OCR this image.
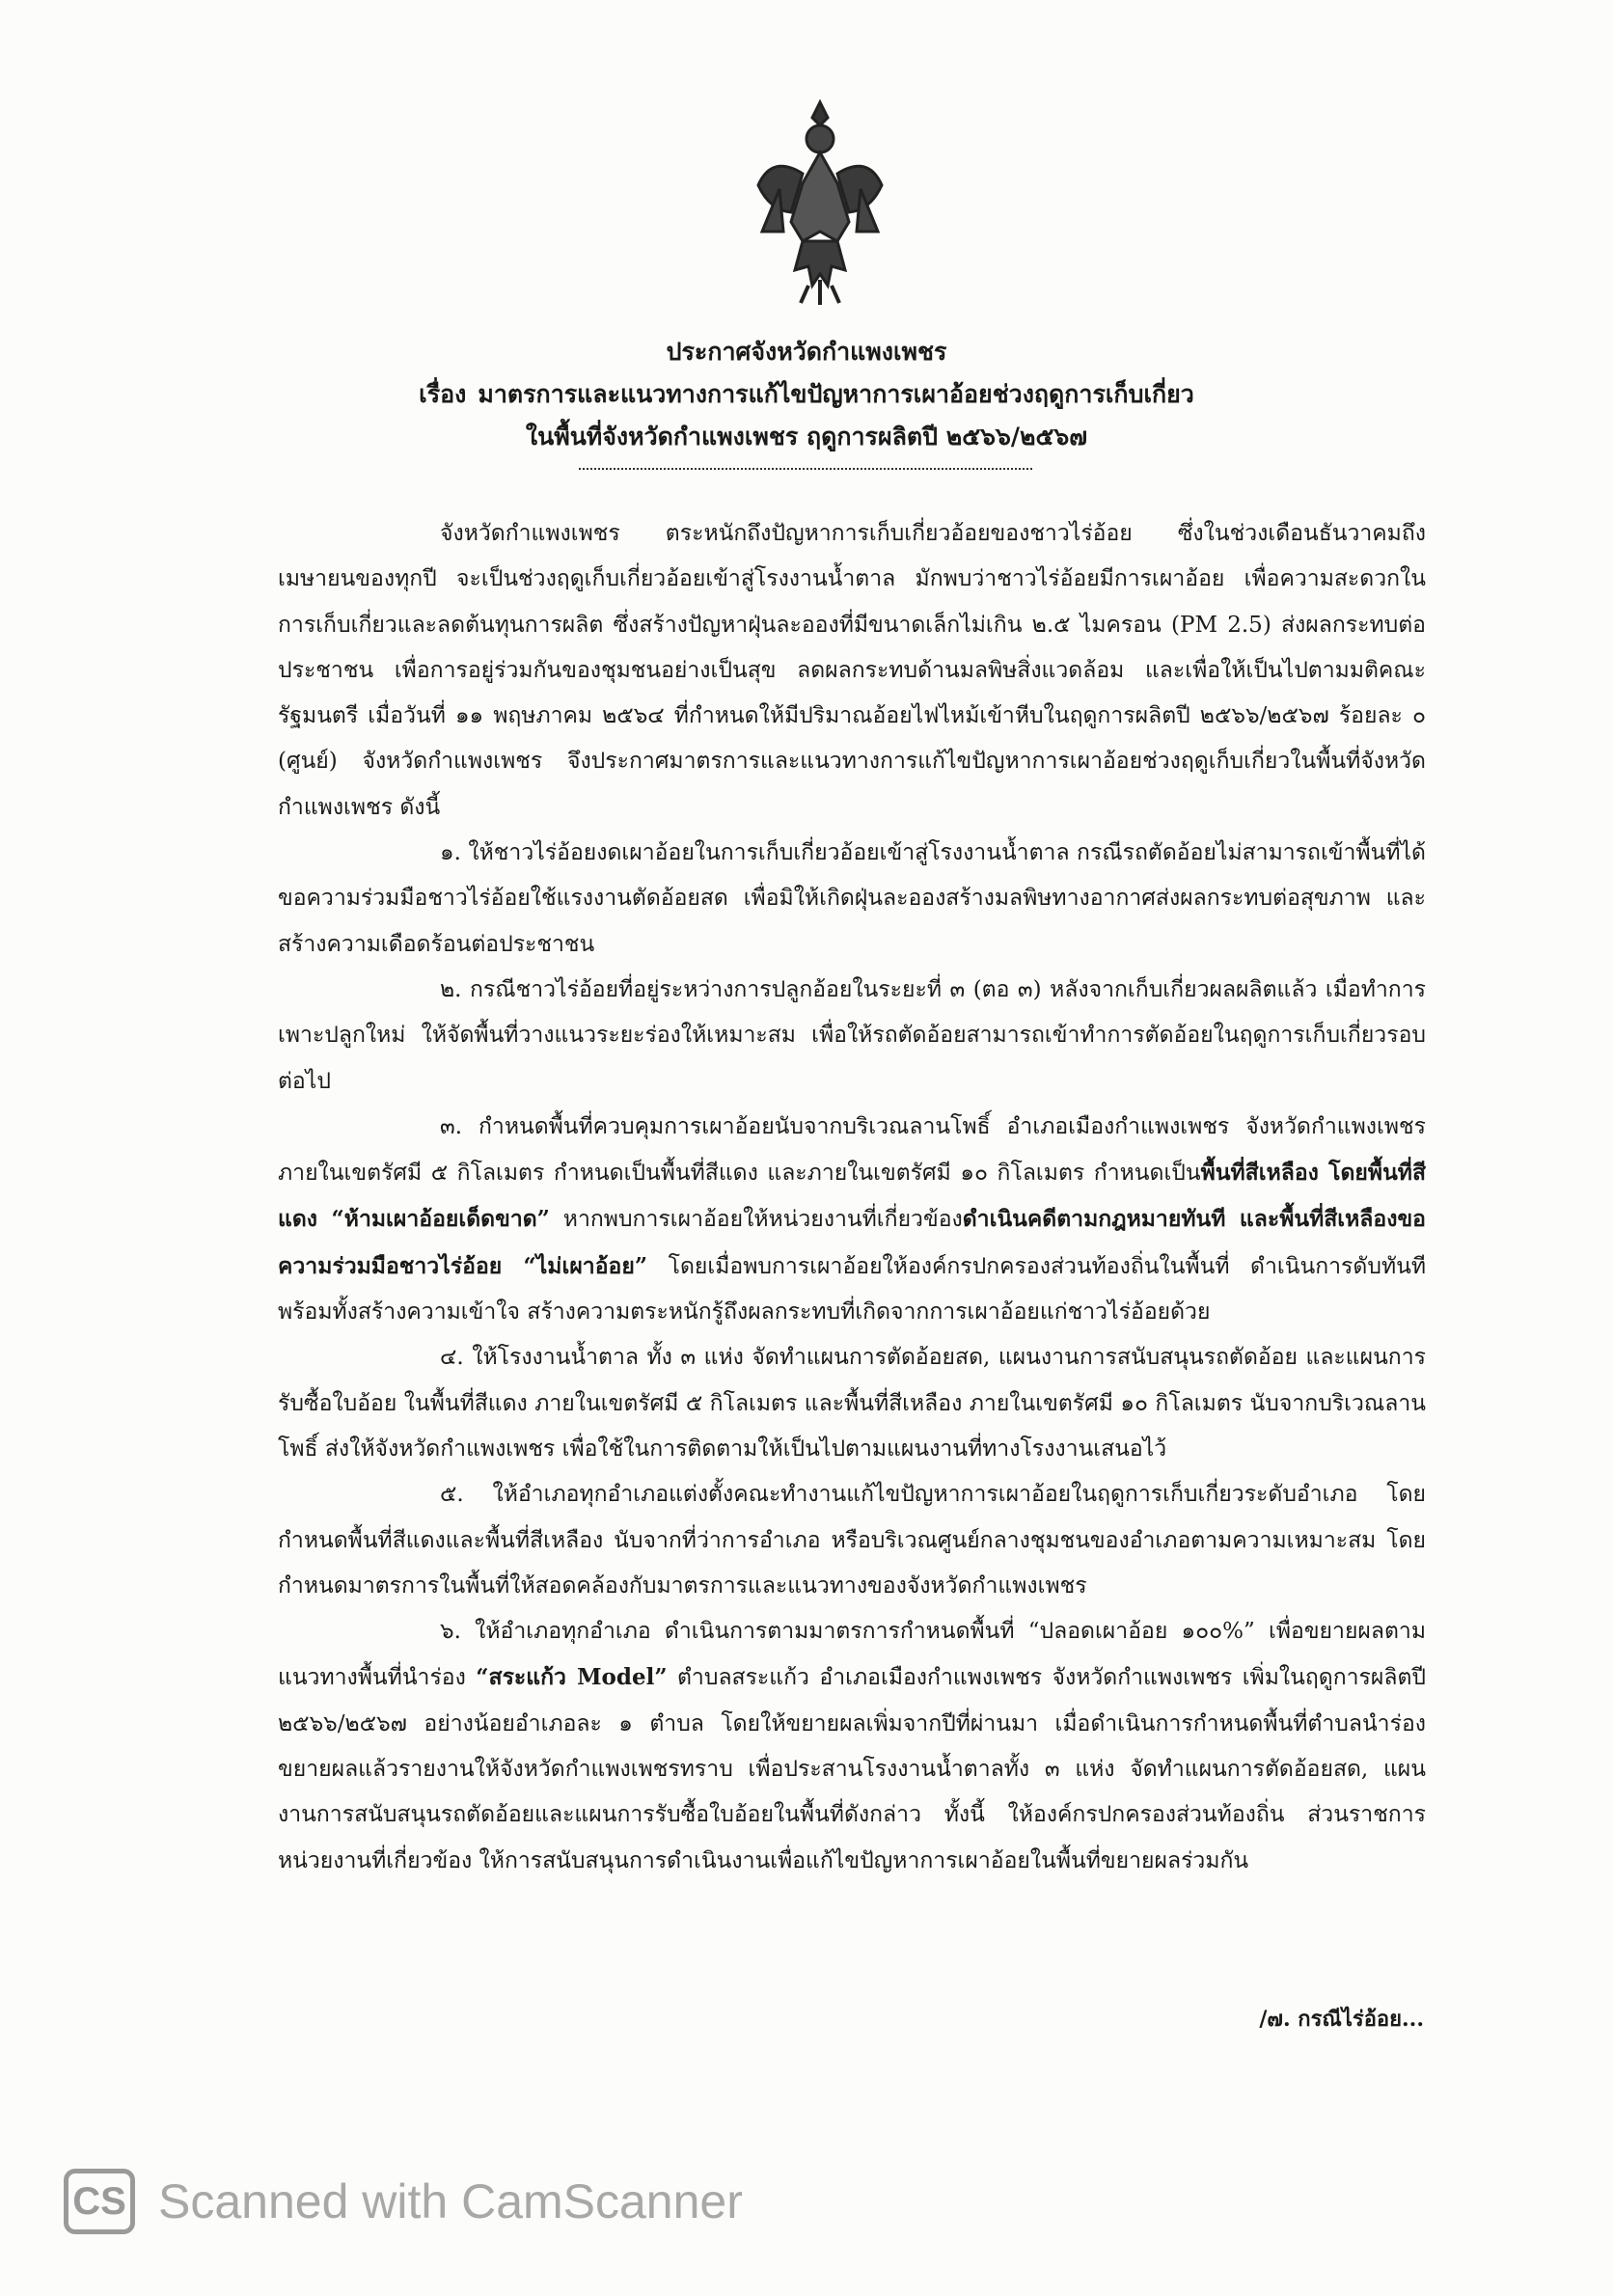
ประกาศจังหวัดกำแพงเพชร
เรื่อง มาตรการและแนวทางการแก้ไขปัญหาการเผาอ้อยช่วงฤดูการเก็บเกี่ยว
ในพื้นที่จังหวัดกำแพงเพชร ฤดูการผลิตปี ๒๕๖๖/๒๕๖๗

จังหวัดกำแพงเพชร ตระหนักถึงปัญหาการเก็บเกี่ยวอ้อยของชาวไร่อ้อย ซึ่งในช่วงเดือนธันวาคมถึงเมษายนของทุกปี จะเป็นช่วงฤดูเก็บเกี่ยวอ้อยเข้าสู่โรงงานน้ำตาล มักพบว่าชาวไร่อ้อยมีการเผาอ้อย เพื่อความสะดวกในการเก็บเกี่ยวและลดต้นทุนการผลิต ซึ่งสร้างปัญหาฝุ่นละอองที่มีขนาดเล็กไม่เกิน ๒.๕ ไมครอน (PM 2.5) ส่งผลกระทบต่อประชาชน เพื่อการอยู่ร่วมกันของชุมชนอย่างเป็นสุข ลดผลกระทบด้านมลพิษสิ่งแวดล้อม และเพื่อให้เป็นไปตามมติคณะรัฐมนตรี เมื่อวันที่ ๑๑ พฤษภาคม ๒๕๖๔ ที่กำหนดให้มีปริมาณอ้อยไฟไหม้เข้าหีบในฤดูการผลิตปี ๒๕๖๖/๒๕๖๗ ร้อยละ ๐ (ศูนย์) จังหวัดกำแพงเพชร จึงประกาศมาตรการและแนวทางการแก้ไขปัญหาการเผาอ้อยช่วงฤดูเก็บเกี่ยวในพื้นที่จังหวัดกำแพงเพชร ดังนี้

๑. ให้ชาวไร่อ้อยงดเผาอ้อยในการเก็บเกี่ยวอ้อยเข้าสู่โรงงานน้ำตาล กรณีรถตัดอ้อยไม่สามารถเข้าพื้นที่ได้ ขอความร่วมมือชาวไร่อ้อยใช้แรงงานตัดอ้อยสด เพื่อมิให้เกิดฝุ่นละอองสร้างมลพิษทางอากาศส่งผลกระทบต่อสุขภาพ และสร้างความเดือดร้อนต่อประชาชน

๒. กรณีชาวไร่อ้อยที่อยู่ระหว่างการปลูกอ้อยในระยะที่ ๓ (ตอ ๓) หลังจากเก็บเกี่ยวผลผลิตแล้ว เมื่อทำการเพาะปลูกใหม่ ให้จัดพื้นที่วางแนวระยะร่องให้เหมาะสม เพื่อให้รถตัดอ้อยสามารถเข้าทำการตัดอ้อยในฤดูการเก็บเกี่ยวรอบต่อไป

๓. กำหนดพื้นที่ควบคุมการเผาอ้อยนับจากบริเวณลานโพธิ์ อำเภอเมืองกำแพงเพชร จังหวัดกำแพงเพชร ภายในเขตรัศมี ๕ กิโลเมตร กำหนดเป็นพื้นที่สีแดง และภายในเขตรัศมี ๑๐ กิโลเมตร กำหนดเป็นพื้นที่สีเหลือง โดยพื้นที่สีแดง “ห้ามเผาอ้อยเด็ดขาด” หากพบการเผาอ้อยให้หน่วยงานที่เกี่ยวข้องดำเนินคดีตามกฎหมายทันที และพื้นที่สีเหลืองขอความร่วมมือชาวไร่อ้อย “ไม่เผาอ้อย” โดยเมื่อพบการเผาอ้อยให้องค์กรปกครองส่วนท้องถิ่นในพื้นที่ ดำเนินการดับทันที พร้อมทั้งสร้างความเข้าใจ สร้างความตระหนักรู้ถึงผลกระทบที่เกิดจากการเผาอ้อยแก่ชาวไร่อ้อยด้วย

๔. ให้โรงงานน้ำตาล ทั้ง ๓ แห่ง จัดทำแผนการตัดอ้อยสด, แผนงานการสนับสนุนรถตัดอ้อย และแผนการรับซื้อใบอ้อย ในพื้นที่สีแดง ภายในเขตรัศมี ๕ กิโลเมตร และพื้นที่สีเหลือง ภายในเขตรัศมี ๑๐ กิโลเมตร นับจากบริเวณลานโพธิ์ ส่งให้จังหวัดกำแพงเพชร เพื่อใช้ในการติดตามให้เป็นไปตามแผนงานที่ทางโรงงานเสนอไว้

๕. ให้อำเภอทุกอำเภอแต่งตั้งคณะทำงานแก้ไขปัญหาการเผาอ้อยในฤดูการเก็บเกี่ยวระดับอำเภอ โดยกำหนดพื้นที่สีแดงและพื้นที่สีเหลือง นับจากที่ว่าการอำเภอ หรือบริเวณศูนย์กลางชุมชนของอำเภอตามความเหมาะสม โดยกำหนดมาตรการในพื้นที่ให้สอดคล้องกับมาตรการและแนวทางของจังหวัดกำแพงเพชร

๖. ให้อำเภอทุกอำเภอ ดำเนินการตามมาตรการกำหนดพื้นที่ “ปลอดเผาอ้อย ๑๐๐%” เพื่อขยายผลตามแนวทางพื้นที่นำร่อง “สระแก้ว Model” ตำบลสระแก้ว อำเภอเมืองกำแพงเพชร จังหวัดกำแพงเพชร เพิ่มในฤดูการผลิตปี ๒๕๖๖/๒๕๖๗ อย่างน้อยอำเภอละ ๑ ตำบล โดยให้ขยายผลเพิ่มจากปีที่ผ่านมา เมื่อดำเนินการกำหนดพื้นที่ตำบลนำร่องขยายผลแล้วรายงานให้จังหวัดกำแพงเพชรทราบ เพื่อประสานโรงงานน้ำตาลทั้ง ๓ แห่ง จัดทำแผนการตัดอ้อยสด, แผนงานการสนับสนุนรถตัดอ้อยและแผนการรับซื้อใบอ้อยในพื้นที่ดังกล่าว ทั้งนี้ ให้องค์กรปกครองส่วนท้องถิ่น ส่วนราชการ หน่วยงานที่เกี่ยวข้อง ให้การสนับสนุนการดำเนินงานเพื่อแก้ไขปัญหาการเผาอ้อยในพื้นที่ขยายผลร่วมกัน

/๗. กรณีไร่อ้อย...
CS Scanned with CamScanner
